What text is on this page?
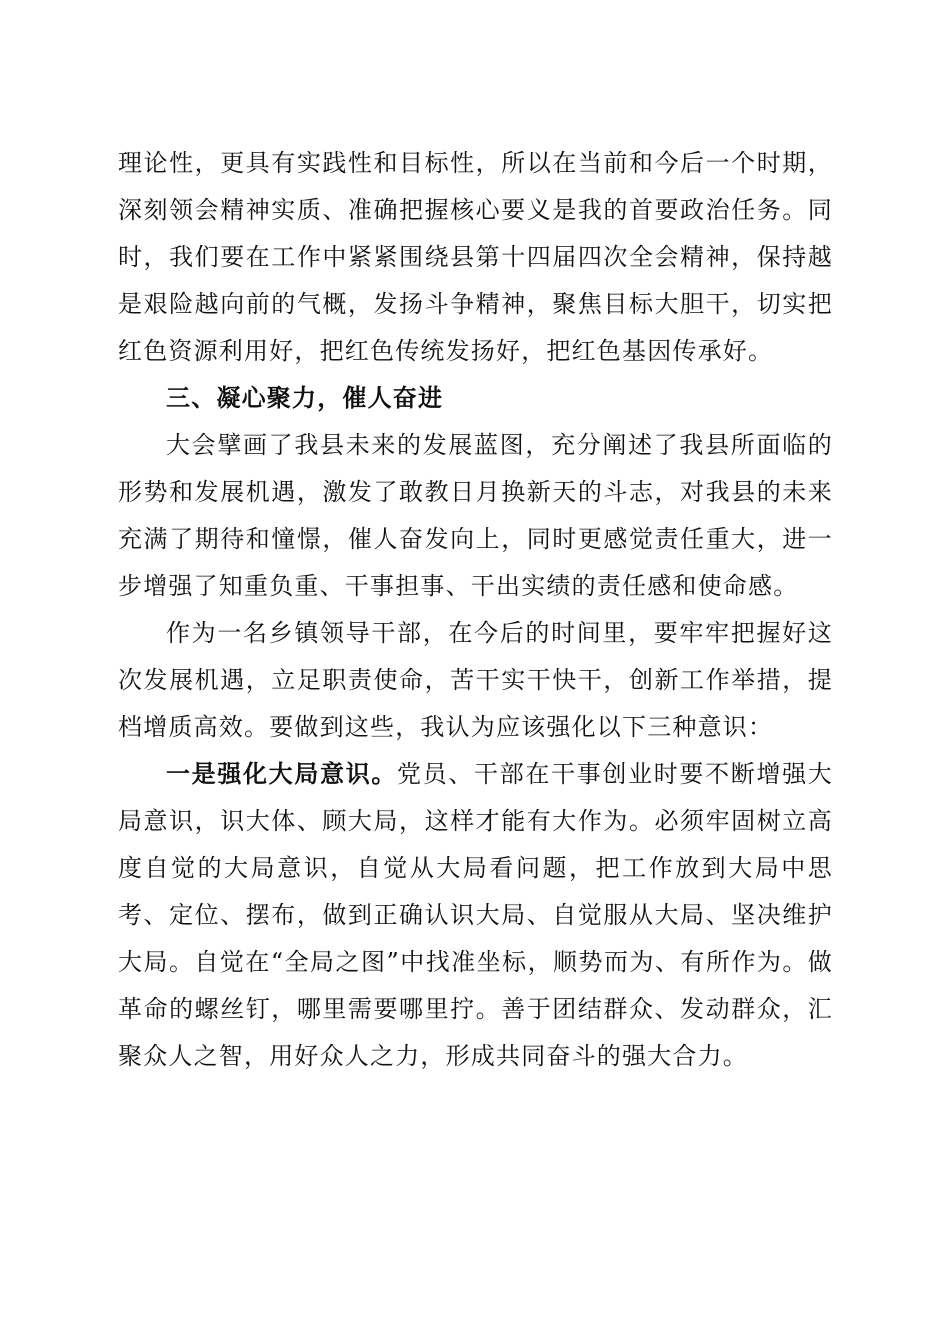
理论性，更具有实践性和目标性，所以在当前和今后一个时期，深刻领会精神实质、准确把握核心要义是我的首要政治任务。同时，我们要在工作中紧紧围绕县第十四届四次全会精神，保持越是艰险越向前的气概，发扬斗争精神，聚焦目标大胆干，切实把红色资源利用好，把红色传统发扬好，把红色基因传承好。

三、凝心聚力，催人奋进

大会擘画了我县未来的发展蓝图，充分阐述了我县所面临的形势和发展机遇，激发了敢教日月换新天的斗志，对我县的未来充满了期待和憧憬，催人奋发向上，同时更感觉责任重大，进一步增强了知重负重、干事担事、干出实绩的责任感和使命感。

作为一名乡镇领导干部，在今后的时间里，要牢牢把握好这次发展机遇，立足职责使命，苦干实干快干，创新工作举措，提档增质高效。要做到这些，我认为应该强化以下三种意识：

一是强化大局意识。党员、干部在干事创业时要不断增强大局意识，识大体、顾大局，这样才能有大作为。必须牢固树立高度自觉的大局意识，自觉从大局看问题，把工作放到大局中思考、定位、摆布，做到正确认识大局、自觉服从大局、坚决维护大局。自觉在“全局之图”中找准坐标，顺势而为、有所作为。做革命的螺丝钉，哪里需要哪里拧。善于团结群众、发动群众，汇聚众人之智，用好众人之力，形成共同奋斗的强大合力。
